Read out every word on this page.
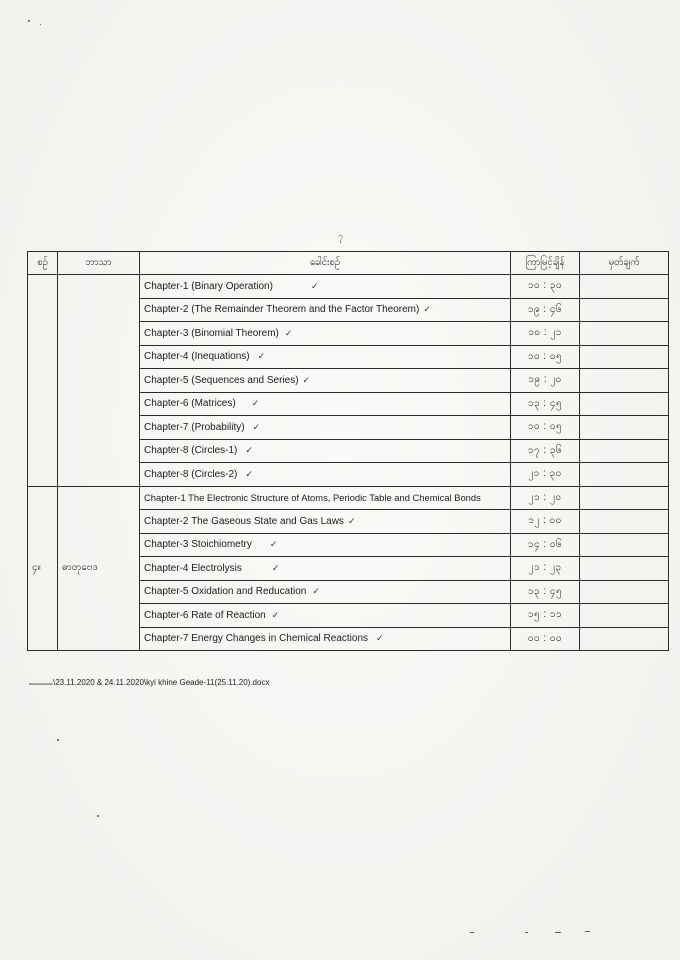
၇
စဉ်	ဘာသာ	ခေါင်းစဉ်	ကြာမြင့်ချိန်	မှတ်ချက်
		Chapter-1 (Binary Operation) ✓	၁၀ : ၃၀	
		Chapter-2 (The Remainder Theorem and the Factor Theorem) ✓	၁၉ : ၄၆	
		Chapter-3 (Binomial Theorem) ✓	၁၀ : ၂၁	
		Chapter-4 (Inequations) ✓	၁၀ : ၀၅	
		Chapter-5 (Sequences and Series) ✓	၁၉ : ၂၀	
		Chapter-6 (Matrices) ✓	၁၃ : ၄၅	
		Chapter-7 (Probability) ✓	၁၀ : ၀၅	
		Chapter-8 (Circles-1) ✓	၁၇ : ၃၆	
		Chapter-8 (Circles-2) ✓	၂၁ : ၃၀	
၄။	ဓာတုဗေဒ	Chapter-1 The Electronic Structure of Atoms, Periodic Table and Chemical Bonds	၂၁ : ၂၀	
		Chapter-2 The Gaseous State and Gas Laws ✓	၁၂ : ၀၀	
		Chapter-3 Stoichiometry ✓	၁၄ : ၀၆	
		Chapter-4 Electrolysis ✓	၂၁ : ၂၃	
		Chapter-5 Oxidation and Reducation ✓	၁၃ : ၄၅	
		Chapter-6 Rate of Reaction ✓	၁၅ : ၁၁	
		Chapter-7 Energy Changes in Chemical Reactions ✓	၀၀ : ၀၀	
▬▬▬▬\23.11.2020 & 24.11.2020\kyi khine Geade-11(25.11.20).docx
